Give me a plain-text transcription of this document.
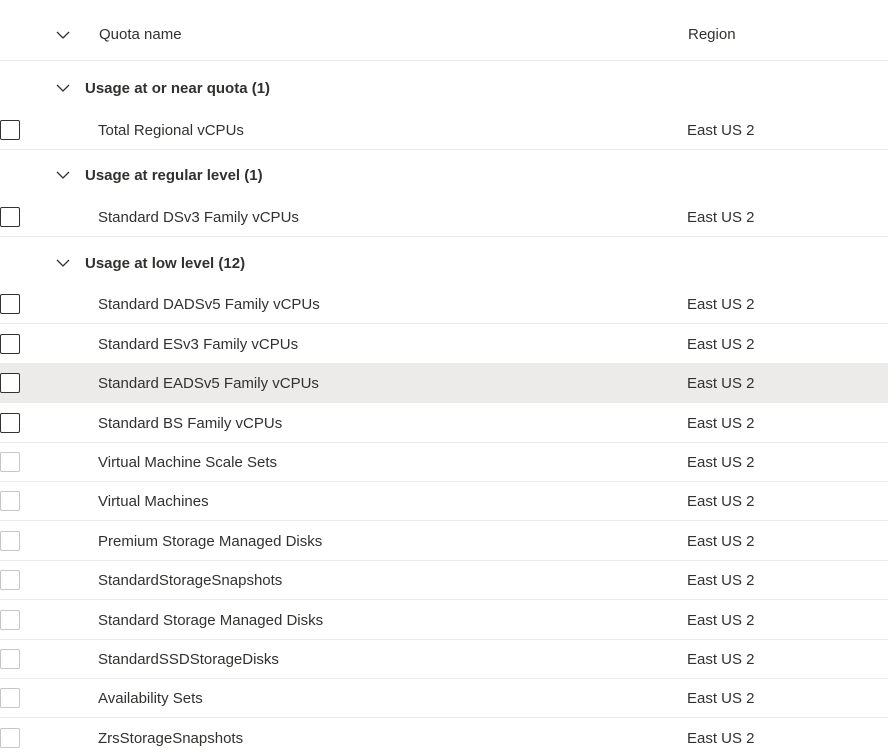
Quota name	Region
Usage at or near quota (1)
Total Regional vCPUs	East US 2
Usage at regular level (1)
Standard DSv3 Family vCPUs	East US 2
Usage at low level (12)
Standard DADSv5 Family vCPUs	East US 2
Standard ESv3 Family vCPUs	East US 2
Standard EADSv5 Family vCPUs	East US 2
Standard BS Family vCPUs	East US 2
Virtual Machine Scale Sets	East US 2
Virtual Machines	East US 2
Premium Storage Managed Disks	East US 2
StandardStorageSnapshots	East US 2
Standard Storage Managed Disks	East US 2
StandardSSDStorageDisks	East US 2
Availability Sets	East US 2
ZrsStorageSnapshots	East US 2
